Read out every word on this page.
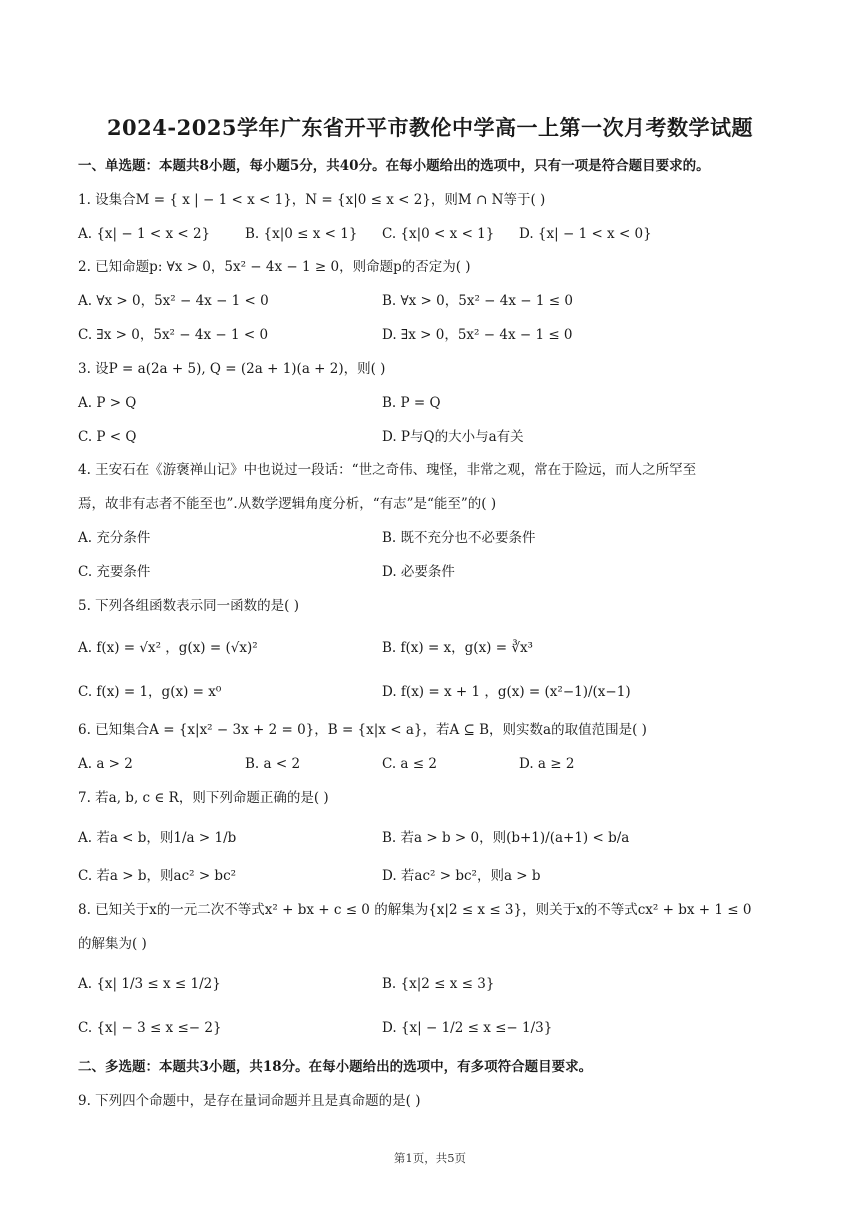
2024-2025学年广东省开平市教伦中学高一上第一次月考数学试题
一、单选题：本题共8小题，每小题5分，共40分。在每小题给出的选项中，只有一项是符合题目要求的。
1. 设集合M = { x | − 1 < x < 1}，N = {x|0 ≤ x < 2}，则M ∩ N等于( )
A. {x| − 1 < x < 2}	B. {x|0 ≤ x < 1} C. {x|0 < x < 1} D. {x| − 1 < x < 0}
2. 已知命题p: ∀x > 0，5x² − 4x − 1 ≥ 0，则命题p的否定为( )
A. ∀x > 0，5x² − 4x − 1 < 0	B. ∀x > 0，5x² − 4x − 1 ≤ 0
C. ∃x > 0，5x² − 4x − 1 < 0	D. ∃x > 0，5x² − 4x − 1 ≤ 0
3. 设P = a(2a + 5), Q = (2a + 1)(a + 2)，则( )
A. P > Q	B. P = Q
C. P < Q	D. P与Q的大小与a有关
4. 王安石在《游褒禅山记》中也说过一段话：“世之奇伟、瑰怪，非常之观，常在于险远，而人之所罕至
焉，故非有志者不能至也”.从数学逻辑角度分析，“有志”是“能至”的( )
A. 充分条件	B. 既不充分也不必要条件
C. 充要条件	D. 必要条件
5. 下列各组函数表示同一函数的是( )
A. f(x) = √x² ，g(x) = (√x)²	B. f(x) = x，g(x) = ∛x³
C. f(x) = 1，g(x) = x⁰	D. f(x) = x + 1 ，g(x) = (x²−1)/(x−1)
6. 已知集合A = {x|x² − 3x + 2 = 0}，B = {x|x < a}，若A ⊆ B，则实数a的取值范围是( )
A. a > 2	B. a < 2	C. a ≤ 2	D. a ≥ 2
7. 若a, b, c ∈ R，则下列命题正确的是( )
A. 若a < b，则1/a > 1/b	B. 若a > b > 0，则(b+1)/(a+1) < b/a
C. 若a > b，则ac² > bc²	D. 若ac² > bc²，则a > b
8. 已知关于x的一元二次不等式x² + bx + c ≤ 0 的解集为{x|2 ≤ x ≤ 3}，则关于x的不等式cx² + bx + 1 ≤ 0
的解集为( )
A. {x| 1/3 ≤ x ≤ 1/2}	B. {x|2 ≤ x ≤ 3}
C. {x| − 3 ≤ x ≤− 2}	D. {x| − 1/2 ≤ x ≤− 1/3}
二、多选题：本题共3小题，共18分。在每小题给出的选项中，有多项符合题目要求。
9. 下列四个命题中，是存在量词命题并且是真命题的是( )
第1页，共5页
